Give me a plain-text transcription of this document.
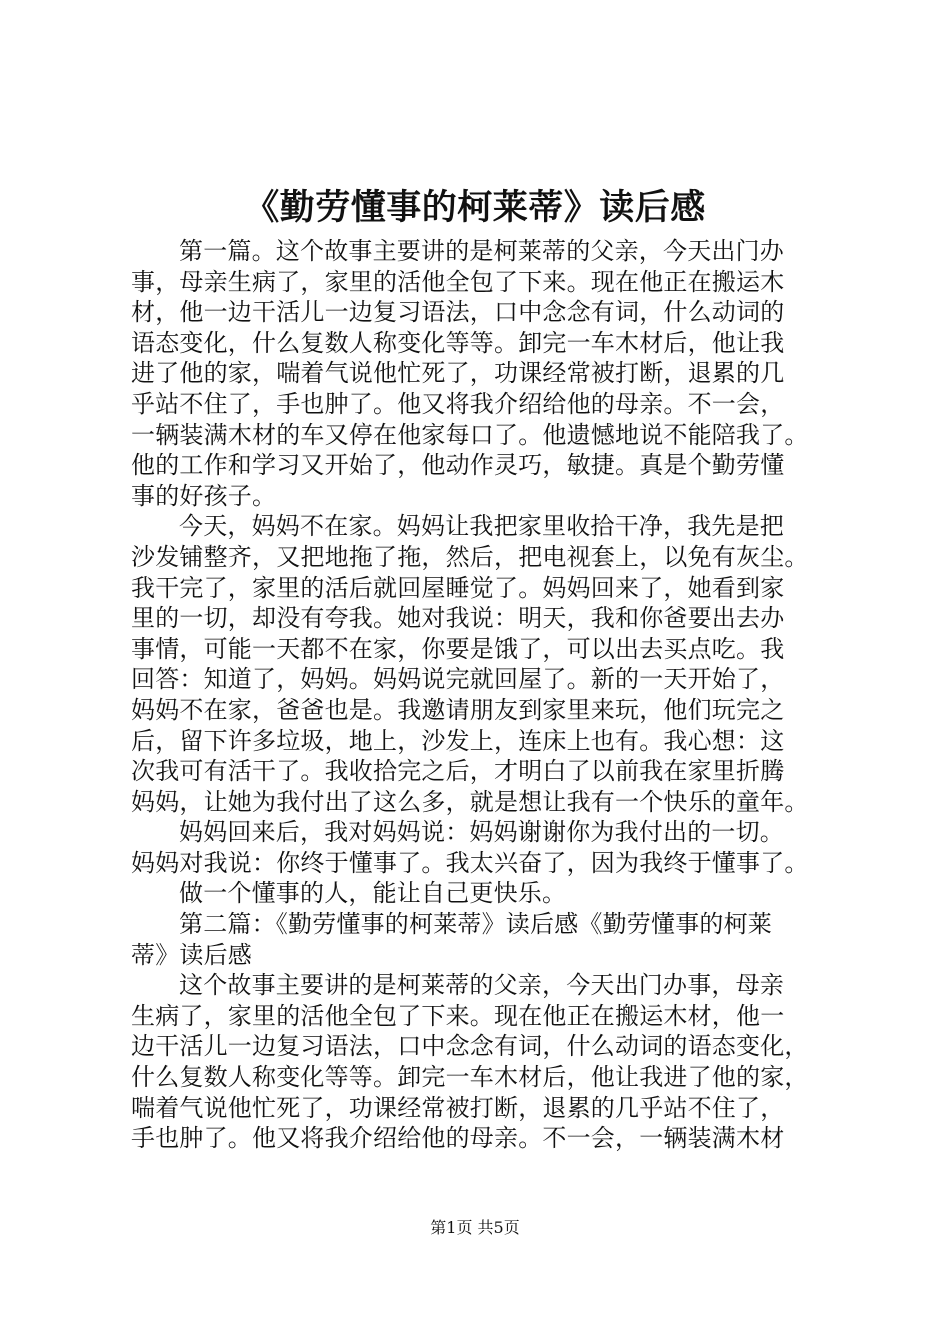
《勤劳懂事的柯莱蒂》读后感
第一篇。这个故事主要讲的是柯莱蒂的父亲，今天出门办
事，母亲生病了，家里的活他全包了下来。现在他正在搬运木
材，他一边干活儿一边复习语法，口中念念有词，什么动词的
语态变化，什么复数人称变化等等。卸完一车木材后，他让我
进了他的家，喘着气说他忙死了，功课经常被打断，退累的几
乎站不住了，手也肿了。他又将我介绍给他的母亲。不一会，
一辆装满木材的车又停在他家每口了。他遗憾地说不能陪我了。
他的工作和学习又开始了，他动作灵巧，敏捷。真是个勤劳懂
事的好孩子。
今天，妈妈不在家。妈妈让我把家里收拾干净，我先是把
沙发铺整齐，又把地拖了拖，然后，把电视套上，以免有灰尘。
我干完了，家里的活后就回屋睡觉了。妈妈回来了，她看到家
里的一切，却没有夸我。她对我说：明天，我和你爸要出去办
事情，可能一天都不在家，你要是饿了，可以出去买点吃。我
回答：知道了，妈妈。妈妈说完就回屋了。新的一天开始了，
妈妈不在家，爸爸也是。我邀请朋友到家里来玩，他们玩完之
后，留下许多垃圾，地上，沙发上，连床上也有。我心想：这
次我可有活干了。我收拾完之后，才明白了以前我在家里折腾
妈妈，让她为我付出了这么多，就是想让我有一个快乐的童年。
妈妈回来后，我对妈妈说：妈妈谢谢你为我付出的一切。
妈妈对我说：你终于懂事了。我太兴奋了，因为我终于懂事了。
做一个懂事的人，能让自己更快乐。
第二篇：《勤劳懂事的柯莱蒂》读后感《勤劳懂事的柯莱
蒂》读后感
这个故事主要讲的是柯莱蒂的父亲，今天出门办事，母亲
生病了，家里的活他全包了下来。现在他正在搬运木材，他一
边干活儿一边复习语法，口中念念有词，什么动词的语态变化，
什么复数人称变化等等。卸完一车木材后，他让我进了他的家，
喘着气说他忙死了，功课经常被打断，退累的几乎站不住了，
手也肿了。他又将我介绍给他的母亲。不一会，一辆装满木材
第1页 共5页
